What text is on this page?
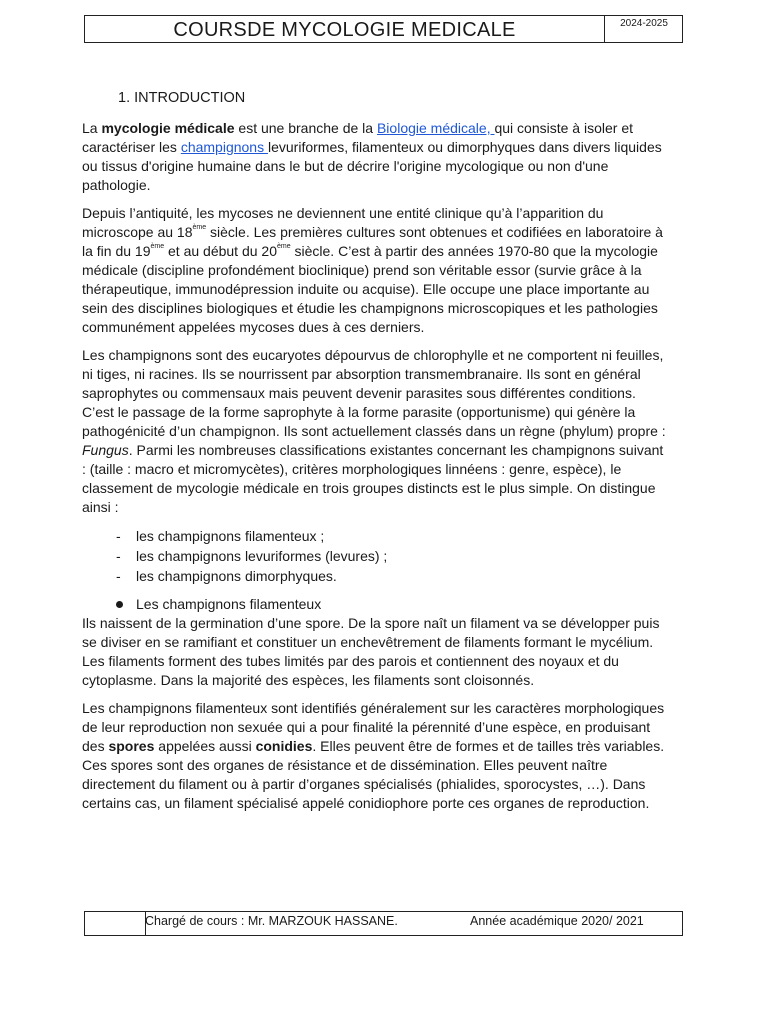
COURSDE MYCOLOGIE MEDICALE	2024-2025
1. INTRODUCTION

La mycologie médicale est une branche de la Biologie médicale, qui consiste à isoler et caractériser les champignons levuriformes, filamenteux ou dimorphyques dans divers liquides ou tissus d'origine humaine dans le but de décrire l'origine mycologique ou non d'une pathologie.

Depuis l’antiquité, les mycoses ne deviennent une entité clinique qu’à l’apparition du microscope au 18ème siècle. Les premières cultures sont obtenues et codifiées en laboratoire à la fin du 19ème et au début du 20ème siècle. C’est à partir des années 1970-80 que la mycologie médicale (discipline profondément bioclinique) prend son véritable essor (survie grâce à la thérapeutique, immunodépression induite ou acquise). Elle occupe une place importante au sein des disciplines biologiques et étudie les champignons microscopiques et les pathologies communément appelées mycoses dues à ces derniers.

Les champignons sont des eucaryotes dépourvus de chlorophylle et ne comportent ni feuilles, ni tiges, ni racines. Ils se nourrissent par absorption transmembranaire. Ils sont en général saprophytes ou commensaux mais peuvent devenir parasites sous différentes conditions. C’est le passage de la forme saprophyte à la forme parasite (opportunisme) qui génère la pathogénicité d’un champignon. Ils sont actuellement classés dans un règne (phylum) propre : Fungus. Parmi les nombreuses classifications existantes concernant les champignons suivant : (taille : macro et micromycètes), critères morphologiques linnéens : genre, espèce), le classement de mycologie médicale en trois groupes distincts est le plus simple. On distingue ainsi :

- les champignons filamenteux ;
- les champignons levuriformes (levures) ;
- les champignons dimorphyques.
Les champignons filamenteux

Ils naissent de la germination d’une spore. De la spore naît un filament va se développer puis se diviser en se ramifiant et constituer un enchevêtrement de filaments formant le mycélium. Les filaments forment des tubes limités par des parois et contiennent des noyaux et du cytoplasme. Dans la majorité des espèces, les filaments sont cloisonnés.

Les champignons filamenteux sont identifiés généralement sur les caractères morphologiques de leur reproduction non sexuée qui a pour finalité la pérennité d’une espèce, en produisant des spores appelées aussi conidies. Elles peuvent être de formes et de tailles très variables. Ces spores sont des organes de résistance et de dissémination. Elles peuvent naître directement du filament ou à partir d’organes spécialisés (phialides, sporocystes, …). Dans certains cas, un filament spécialisé appelé conidiophore porte ces organes de reproduction.

Chargé de cours : Mr. MARZOUK HASSANE.	Année académique 2020/ 2021
